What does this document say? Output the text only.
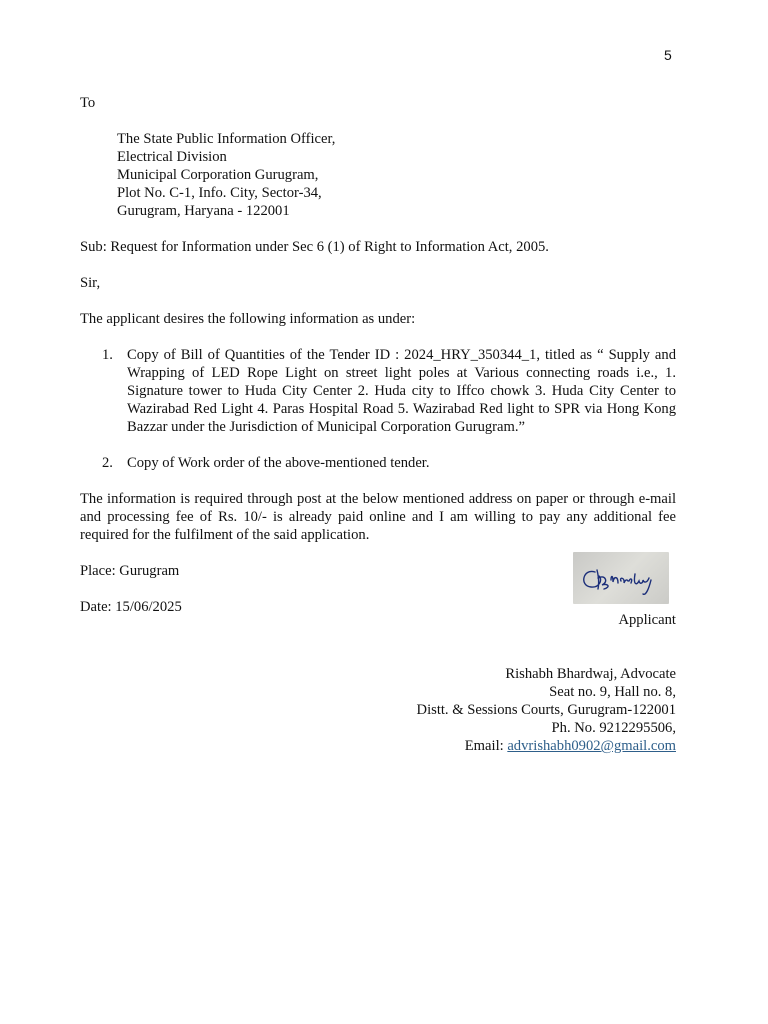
5

To

The State Public Information Officer,
Electrical Division
Municipal Corporation Gurugram,
Plot No. C-1, Info. City, Sector-34,
Gurugram, Haryana - 122001

Sub: Request for Information under Sec 6 (1) of Right to Information Act, 2005.

Sir,

The applicant desires the following information as under:

1. Copy of Bill of Quantities of the Tender ID : 2024_HRY_350344_1, titled as “ Supply and Wrapping of LED Rope Light on street light poles at Various connecting roads i.e., 1. Signature tower to Huda City Center 2. Huda city to Iffco chowk 3. Huda City Center to Wazirabad Red Light 4. Paras Hospital Road 5. Wazirabad Red light to SPR via Hong Kong Bazzar under the Jurisdiction of Municipal Corporation Gurugram.”
2. Copy of Work order of the above-mentioned tender.

The information is required through post at the below mentioned address on paper or through e-mail and processing fee of Rs. 10/- is already paid online and I am willing to pay any additional fee required for the fulfilment of the said application.

Place: Gurugram

Date: 15/06/2025

Applicant

Rishabh Bhardwaj, Advocate
Seat no. 9, Hall no. 8,
Distt. & Sessions Courts, Gurugram-122001
Ph. No. 9212295506,
Email: advrishabh0902@gmail.com
